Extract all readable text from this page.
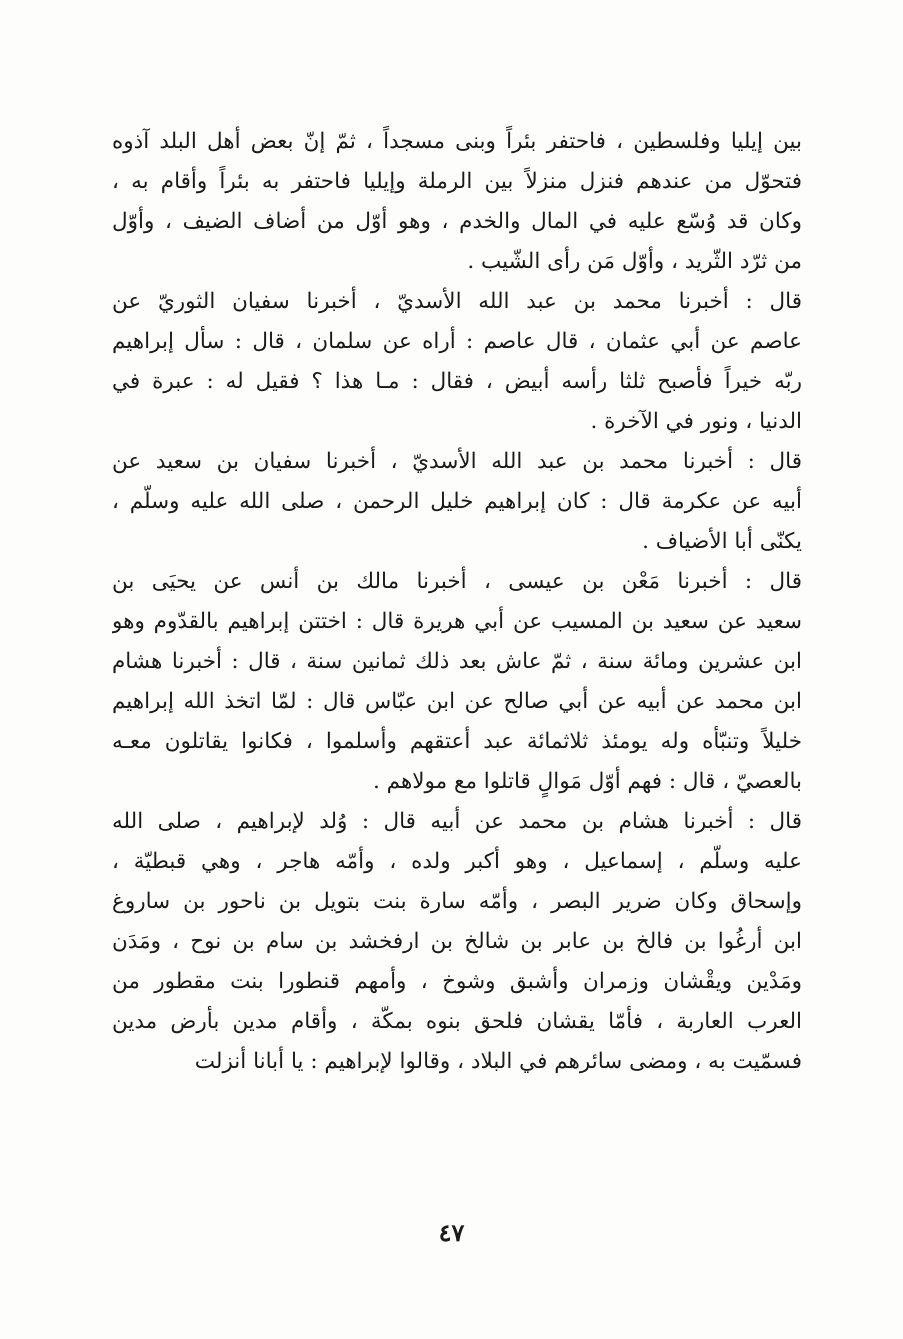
بين إيليا وفلسطين ، فاحتفر بئراً وبنى مسجداً ، ثمّ إنّ بعض أهل البلد آذوه
فتحوّل من عندهم فنزل منزلاً بين الرملة وإيليا فاحتفر به بئراً وأقام به ،
وكان قد وُسّع عليه في المال والخدم ، وهو أوّل من أضاف الضيف ، وأوّل
من ثرّد الثّريد ، وأوّل مَن رأى الشّيب .
قال : أخبرنا محمد بن عبد الله الأسديّ ، أخبرنا سفيان الثوريّ عن
عاصم عن أبي عثمان ، قال عاصم : أراه عن سلمان ، قال : سأل إبراهيم
ربّه خيراً فأصبح ثلثا رأسه أبيض ، فقال : مـا هذا ؟ فقيل له : عبرة في
الدنيا ، ونور في الآخرة .
قال : أخبرنا محمد بن عبد الله الأسديّ ، أخبرنا سفيان بن سعيد عن
أبيه عن عكرمة قال : كان إبراهيم خليل الرحمن ، صلى الله عليه وسلّم ،
يكنّى أبا الأضياف .
قال : أخبرنا مَعْن بن عيسى ، أخبرنا مالك بن أنس عن يحيَى بن
سعيد عن سعيد بن المسيب عن أبي هريرة قال : اختتن إبراهيم بالقدّوم وهو
ابن عشرين ومائة سنة ، ثمّ عاش بعد ذلك ثمانين سنة ، قال : أخبرنا هشام
ابن محمد عن أبيه عن أبي صالح عن ابن عبّاس قال : لمّا اتخذ الله إبراهيم
خليلاً وتنبّأه وله يومئذ ثلاثمائة عبد أعتقهم وأسلموا ، فكانوا يقاتلون معـه
بالعصيّ ، قال : فهم أوّل مَوالٍ قاتلوا مع مولاهم .
قال : أخبرنا هشام بن محمد عن أبيه قال : وُلد لإبراهيم ، صلى الله
عليه وسلّم ، إسماعيل ، وهو أكبر ولده ، وأمّه هاجر ، وهي قبطيّة ،
وإسحاق وكان ضرير البصر ، وأمّه سارة بنت بتويل بن ناحور بن ساروغ
ابن أرغُوا بن فالخ بن عابر بن شالخ بن ارفخشد بن سام بن نوح ، ومَدَن
ومَدْين ويقْشان وزمران وأشبق وشوخ ، وأمهم قنطورا بنت مقطور من
العرب العاربة ، فأمّا يقشان فلحق بنوه بمكّة ، وأقام مدين بأرض مدين
فسمّيت به ، ومضى سائرهم في البلاد ، وقالوا لإبراهيم : يا أبانا أنزلت
٤٧
